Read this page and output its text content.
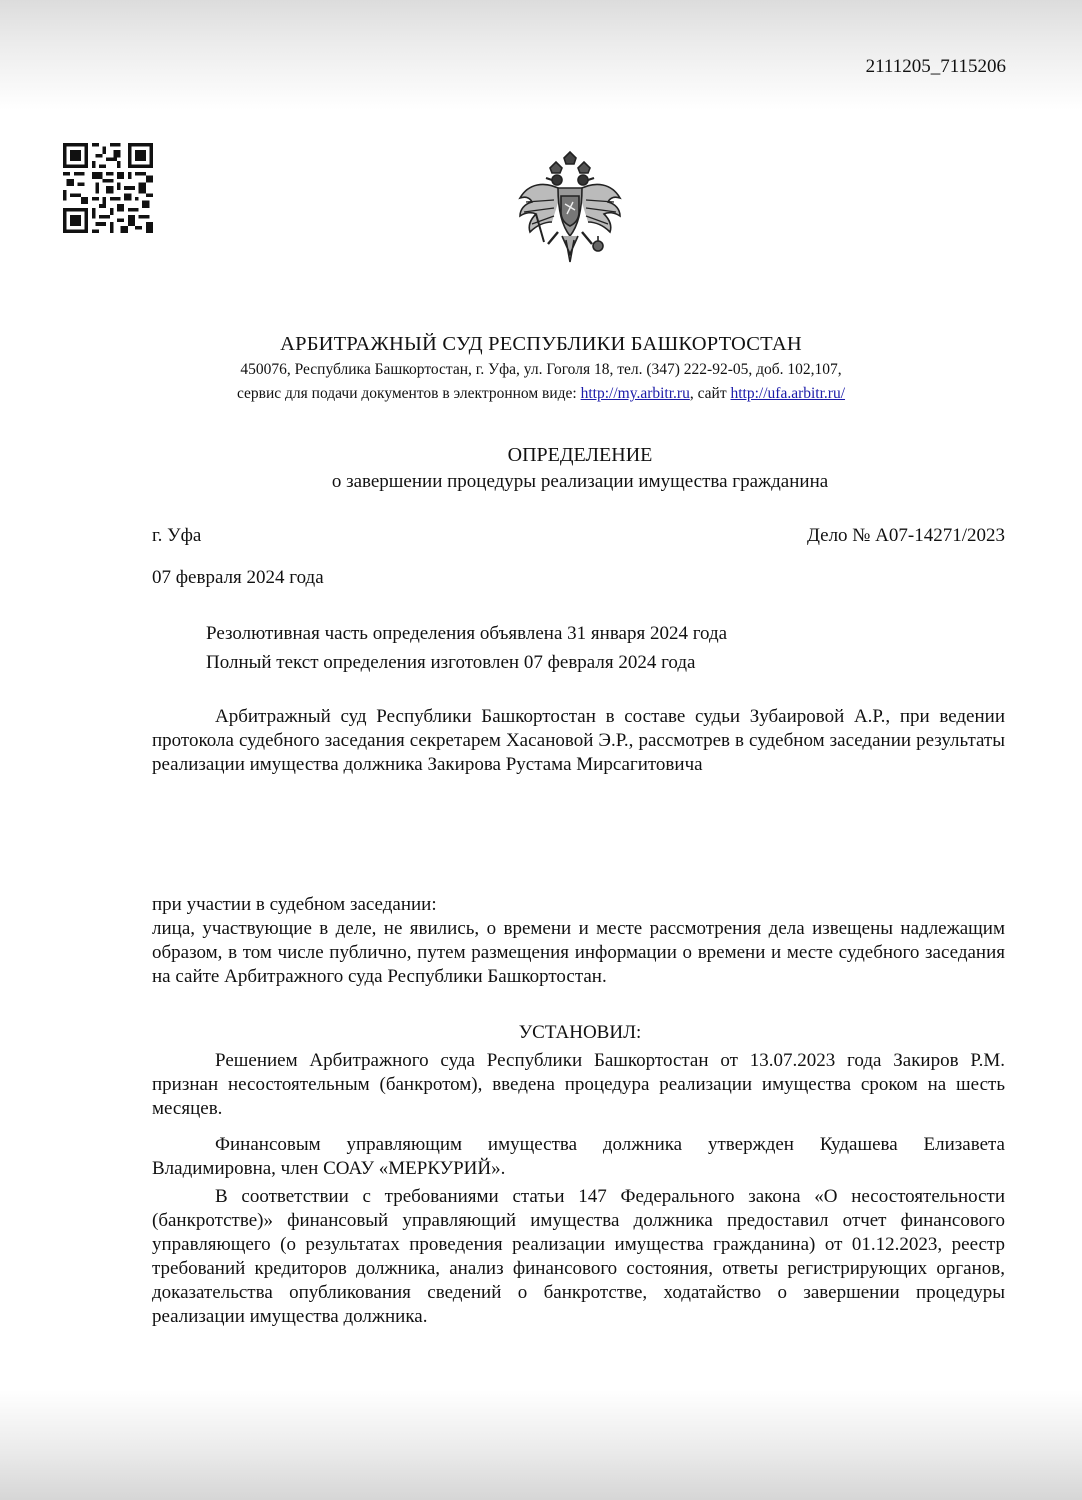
2111205_7115206
АРБИТРАЖНЫЙ СУД РЕСПУБЛИКИ БАШКОРТОСТАН
450076, Республика Башкортостан, г. Уфа, ул. Гоголя 18, тел. (347) 222-92-05, доб. 102,107,
сервис для подачи документов в электронном виде: http://my.arbitr.ru, сайт http://ufa.arbitr.ru/
ОПРЕДЕЛЕНИЕ
о завершении процедуры реализации имущества гражданина
г. Уфа	Дело № А07-14271/2023
07 февраля 2024 года
Резолютивная часть определения объявлена 31 января 2024 года
Полный текст определения изготовлен 07 февраля 2024 года
Арбитражный суд Республики Башкортостан в составе судьи Зубаировой А.Р., при ведении протокола судебного заседания секретарем Хасановой Э.Р., рассмотрев в судебном заседании результаты реализации имущества должника Закирова Рустама Мирсагитовича
при участии в судебном заседании:
лица, участвующие в деле, не явились, о времени и месте рассмотрения дела извещены надлежащим образом, в том числе публично, путем размещения информации о времени и месте судебного заседания на сайте Арбитражного суда Республики Башкортостан.
УСТАНОВИЛ:
Решением Арбитражного суда Республики Башкортостан от 13.07.2023 года Закиров Р.М. признан несостоятельным (банкротом), введена процедура реализации имущества сроком на шесть месяцев.
Финансовым управляющим имущества должника утвержден Кудашева Елизавета Владимировна, член СОАУ «МЕРКУРИЙ».
В соответствии с требованиями статьи 147 Федерального закона «О несостоятельности (банкротстве)» финансовый управляющий имущества должника предоставил отчет финансового управляющего (о результатах проведения реализации имущества гражданина) от 01.12.2023, реестр требований кредиторов должника, анализ финансового состояния, ответы регистрирующих органов, доказательства опубликования сведений о банкротстве, ходатайство о завершении процедуры реализации имущества должника.
